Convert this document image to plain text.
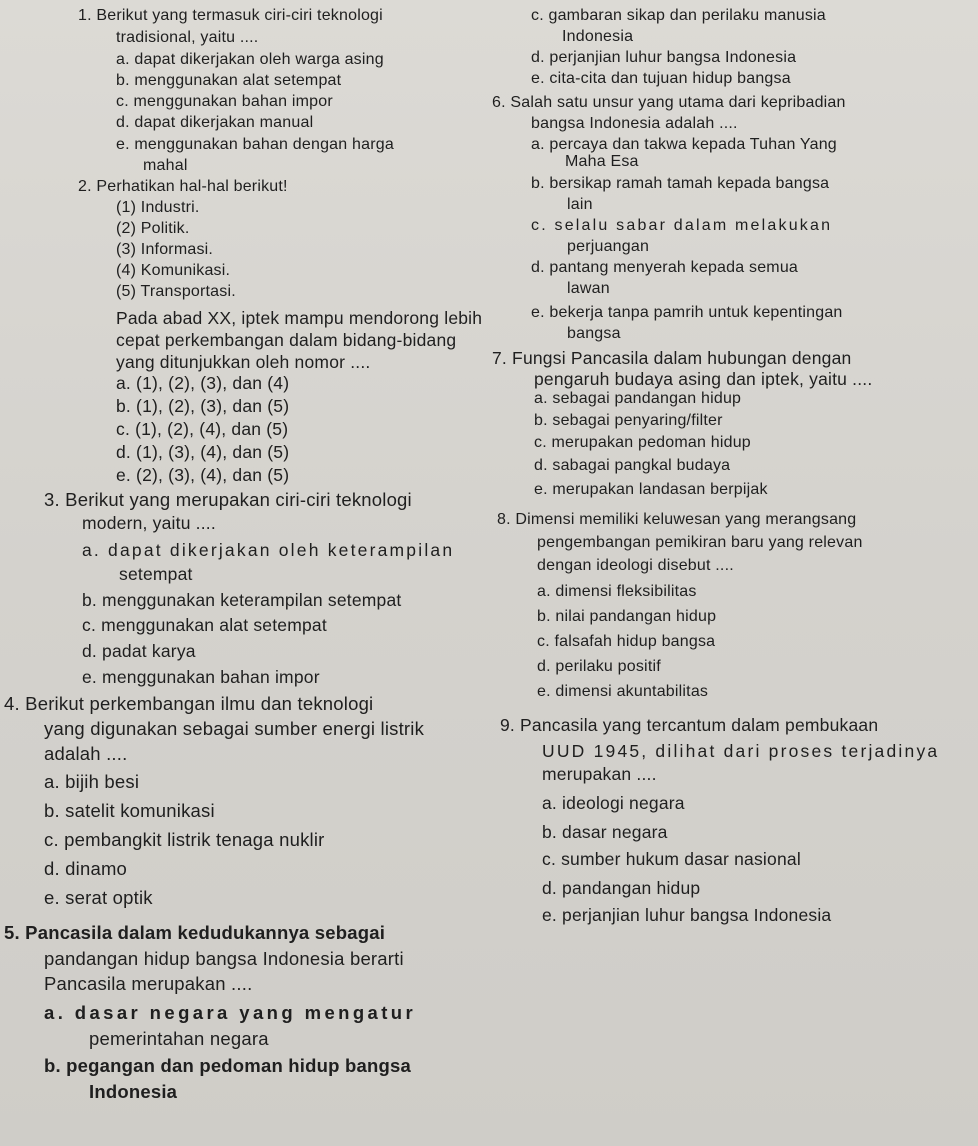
1. Berikut yang termasuk ciri-ciri teknologi
tradisional, yaitu ....
a. dapat dikerjakan oleh warga asing
b. menggunakan alat setempat
c. menggunakan bahan impor
d. dapat dikerjakan manual
e. menggunakan bahan dengan harga
mahal
2. Perhatikan hal-hal berikut!
(1) Industri.
(2) Politik.
(3) Informasi.
(4) Komunikasi.
(5) Transportasi.
Pada abad XX, iptek mampu mendorong lebih
cepat perkembangan dalam bidang-bidang
yang ditunjukkan oleh nomor ....
a. (1), (2), (3), dan (4)
b. (1), (2), (3), dan (5)
c. (1), (2), (4), dan (5)
d. (1), (3), (4), dan (5)
e. (2), (3), (4), dan (5)
3. Berikut yang merupakan ciri-ciri teknologi
modern, yaitu ....
a. dapat dikerjakan oleh keterampilan
setempat
b. menggunakan keterampilan setempat
c. menggunakan alat setempat
d. padat karya
e. menggunakan bahan impor
4. Berikut perkembangan ilmu dan teknologi
yang digunakan sebagai sumber energi listrik
adalah ....
a. bijih besi
b. satelit komunikasi
c. pembangkit listrik tenaga nuklir
d. dinamo
e. serat optik
5. Pancasila dalam kedudukannya sebagai
pandangan hidup bangsa Indonesia berarti
Pancasila merupakan ....
a. dasar negara yang mengatur
pemerintahan negara
b. pegangan dan pedoman hidup bangsa
Indonesia
c. gambaran sikap dan perilaku manusia
Indonesia
d. perjanjian luhur bangsa Indonesia
e. cita-cita dan tujuan hidup bangsa
6. Salah satu unsur yang utama dari kepribadian
bangsa Indonesia adalah ....
a. percaya dan takwa kepada Tuhan Yang
Maha Esa
b. bersikap ramah tamah kepada bangsa
lain
c. selalu sabar dalam melakukan
perjuangan
d. pantang menyerah kepada semua
lawan
e. bekerja tanpa pamrih untuk kepentingan
bangsa
7. Fungsi Pancasila dalam hubungan dengan
pengaruh budaya asing dan iptek, yaitu ....
a. sebagai pandangan hidup
b. sebagai penyaring/filter
c. merupakan pedoman hidup
d. sabagai pangkal budaya
e. merupakan landasan berpijak
8. Dimensi memiliki keluwesan yang merangsang
pengembangan pemikiran baru yang relevan
dengan ideologi disebut ....
a. dimensi fleksibilitas
b. nilai pandangan hidup
c. falsafah hidup bangsa
d. perilaku positif
e. dimensi akuntabilitas
9. Pancasila yang tercantum dalam pembukaan
UUD 1945, dilihat dari proses terjadinya
merupakan ....
a. ideologi negara
b. dasar negara
c. sumber hukum dasar nasional
d. pandangan hidup
e. perjanjian luhur bangsa Indonesia
